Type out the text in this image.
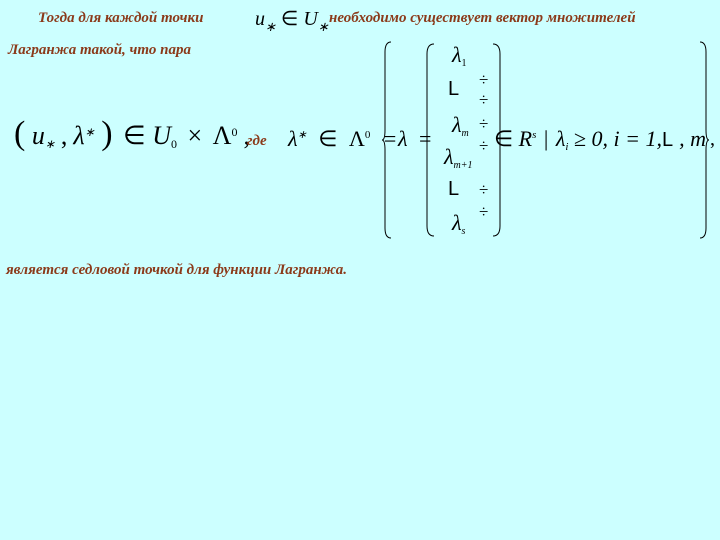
Тогда для каждой точки	$u_∗$ ∈ $U_∗$
необходимо существует вектор множителей
Лагранжа такой, что пара
( $u_∗$ , λ∗ ) ∈ $U_0 \times \Lambda^0$ ,
где λ∗ ∈ $\Lambda^0 = \lambda$ =
$\lambda_1$
L
$\lambda_m$
$\lambda_{m+1}$
L
$\lambda_s$
÷
÷
÷
÷
÷
÷
∈ $R^s$ | $\lambda_i \ge 0$, i = 1,L , m ,
является седловой точкой для функции Лагранжа.
